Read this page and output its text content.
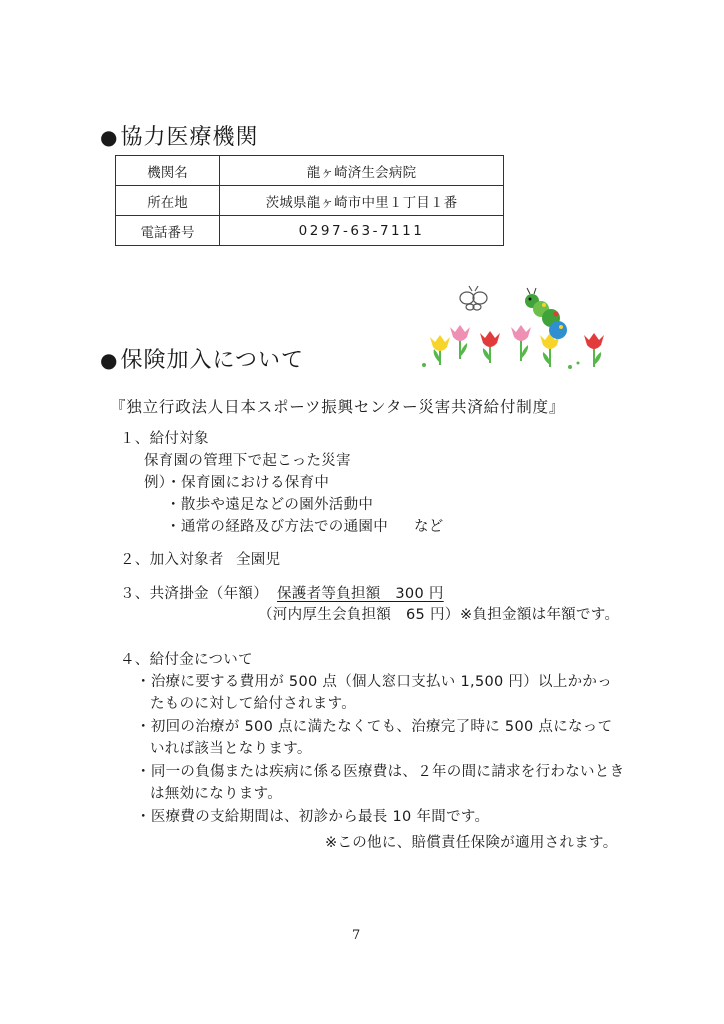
●協力医療機関
機関名	龍ヶ崎済生会病院
所在地	茨城県龍ヶ崎市中里１丁目１番
電話番号	0297-63-7111
●保険加入について
『独立行政法人日本スポーツ振興センター災害共済給付制度』
１、給付対象
保育園の管理下で起こった災害
例）・保育園における保育中
・散歩や遠足などの園外活動中
・通常の経路及び方法での通園中 など
２、加入対象者 全園児
３、共済掛金（年額） 保護者等負担額　300 円
（河内厚生会負担額　65 円） ※負担金額は年額です。
４、給付金について
・治療に要する費用が 500 点（個人窓口支払い 1,500 円）以上かかっ
たものに対して給付されます。
・初回の治療が 500 点に満たなくても、治療完了時に 500 点になって
いれば該当となります。
・同一の負傷または疾病に係る医療費は、２年の間に請求を行わないとき
は無効になります。
・医療費の支給期間は、初診から最長 10 年間です。
※この他に、賠償責任保険が適用されます。
7
